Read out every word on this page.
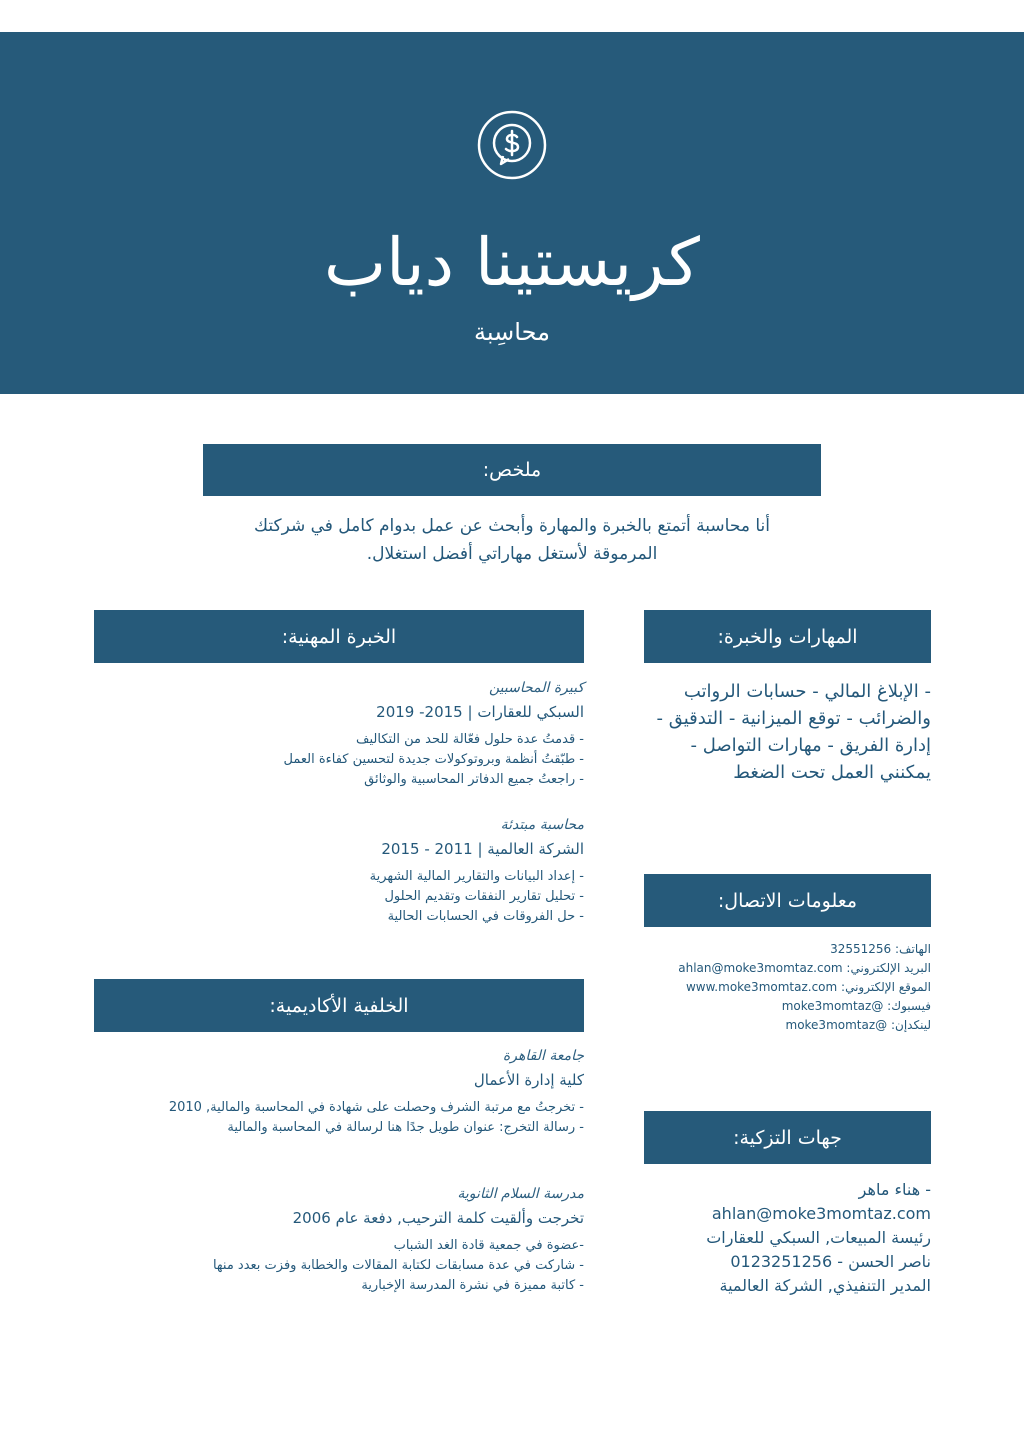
كريستينا دياب
محاسِبة
ملخص:
أنا محاسبة أتمتع بالخبرة والمهارة وأبحث عن عمل بدوام كامل في شركتك المرموقة لأستغل مهاراتي أفضل استغلال.
الخبرة المهنية:
كبيرة المحاسبين
السبكي للعقارات | 2015- 2019
- قدمتُ عدة حلول فعّالة للحد من التكاليف
- طبّقتُ أنظمة وبروتوكولات جديدة لتحسين كفاءة العمل
- راجعتُ جميع الدفاتر المحاسبية والوثائق
محاسبة مبتدئة
الشركة العالمية | 2011 - 2015
- إعداد البيانات والتقارير المالية الشهرية
- تحليل تقارير النفقات وتقديم الحلول
- حل الفروقات في الحسابات الحالية
الخلفية الأكاديمية:
جامعة القاهرة
كلية إدارة الأعمال
- تخرجتُ مع مرتبة الشرف وحصلت على شهادة في المحاسبة والمالية, 2010
- رسالة التخرج: عنوان طويل جدًا هنا لرسالة في المحاسبة والمالية
مدرسة السلام الثانوية
تخرجت وألقيت كلمة الترحيب, دفعة عام 2006
-عضوة في جمعية قادة الغد الشباب
- شاركت في عدة مسابقات لكتابة المقالات والخطابة وفزت بعدد منها
- كاتبة مميزة في نشرة المدرسة الإخبارية
المهارات والخبرة:
- الإبلاغ المالي - حسابات الرواتب والضرائب - توقع الميزانية - التدقيق - إدارة الفريق - مهارات التواصل - يمكنني العمل تحت الضغط
معلومات الاتصال:
الهاتف: 32551256
البريد الإلكتروني: ahlan@moke3momtaz.com
الموقع الإلكتروني: www.moke3momtaz.com
فيسبوك: @moke3momtaz
لينكدإن: @moke3momtaz
جهات التزكية:
- هناء ماهر
ahlan@moke3momtaz.com
رئيسة المبيعات, السبكي للعقارات
ناصر الحسن - 0123251256
المدير التنفيذي, الشركة العالمية
